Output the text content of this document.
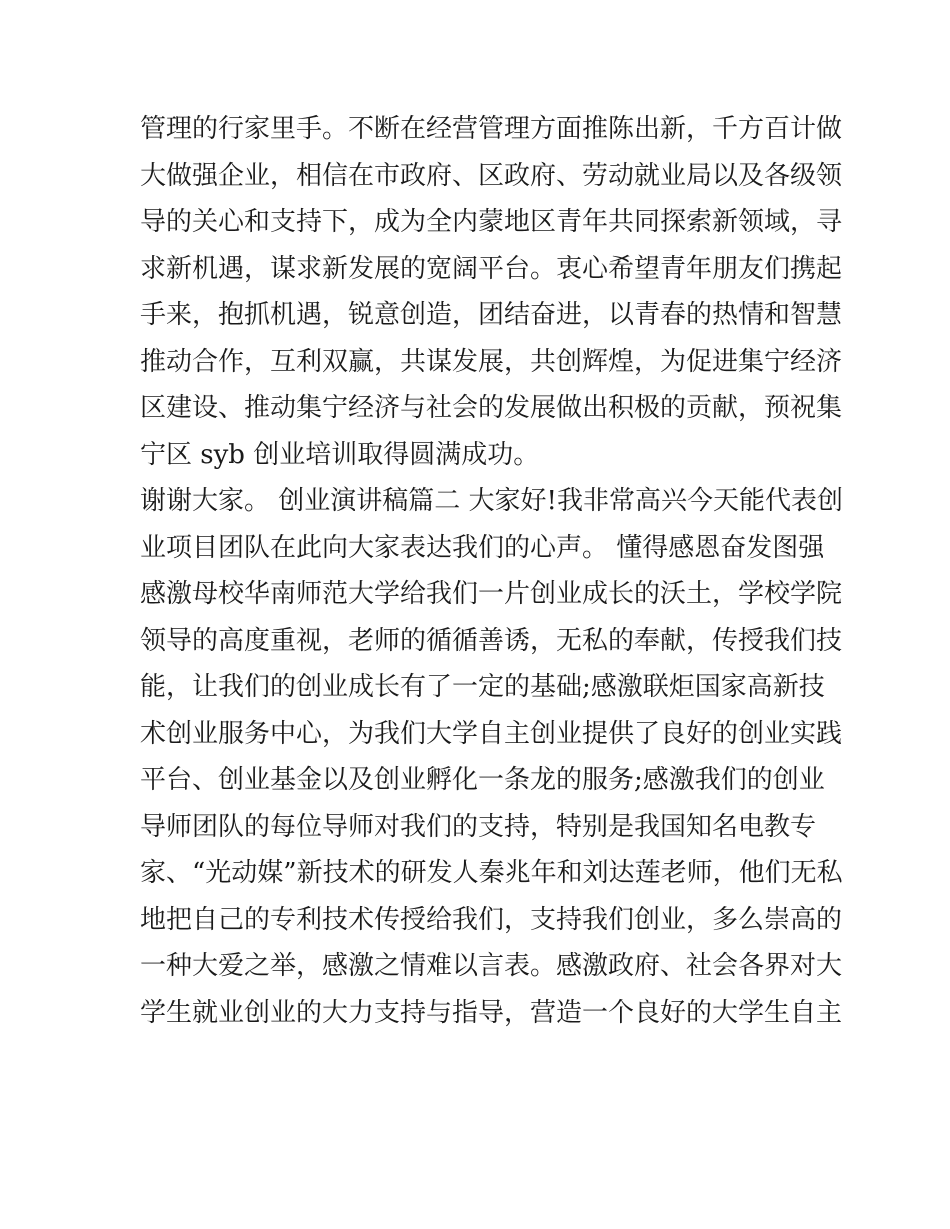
管理的行家里手。不断在经营管理方面推陈出新，千方百计做
大做强企业，相信在市政府、区政府、劳动就业局以及各级领
导的关心和支持下，成为全内蒙地区青年共同探索新领域，寻
求新机遇，谋求新发展的宽阔平台。衷心希望青年朋友们携起
手来，抱抓机遇，锐意创造，团结奋进，以青春的热情和智慧
推动合作，互利双赢，共谋发展，共创辉煌，为促进集宁经济
区建设、推动集宁经济与社会的发展做出积极的贡献，预祝集
宁区 syb 创业培训取得圆满成功。
谢谢大家。 创业演讲稿篇二 大家好!我非常高兴今天能代表创
业项目团队在此向大家表达我们的心声。 懂得感恩奋发图强
感激母校华南师范大学给我们一片创业成长的沃土，学校学院
领导的高度重视，老师的循循善诱，无私的奉献，传授我们技
能，让我们的创业成长有了一定的基础;感激联炬国家高新技
术创业服务中心，为我们大学自主创业提供了良好的创业实践
平台、创业基金以及创业孵化一条龙的服务;感激我们的创业
导师团队的每位导师对我们的支持，特别是我国知名电教专
家、“光动媒”新技术的研发人秦兆年和刘达莲老师，他们无私
地把自己的专利技术传授给我们，支持我们创业，多么崇高的
一种大爱之举，感激之情难以言表。感激政府、社会各界对大
学生就业创业的大力支持与指导，营造一个良好的大学生自主
